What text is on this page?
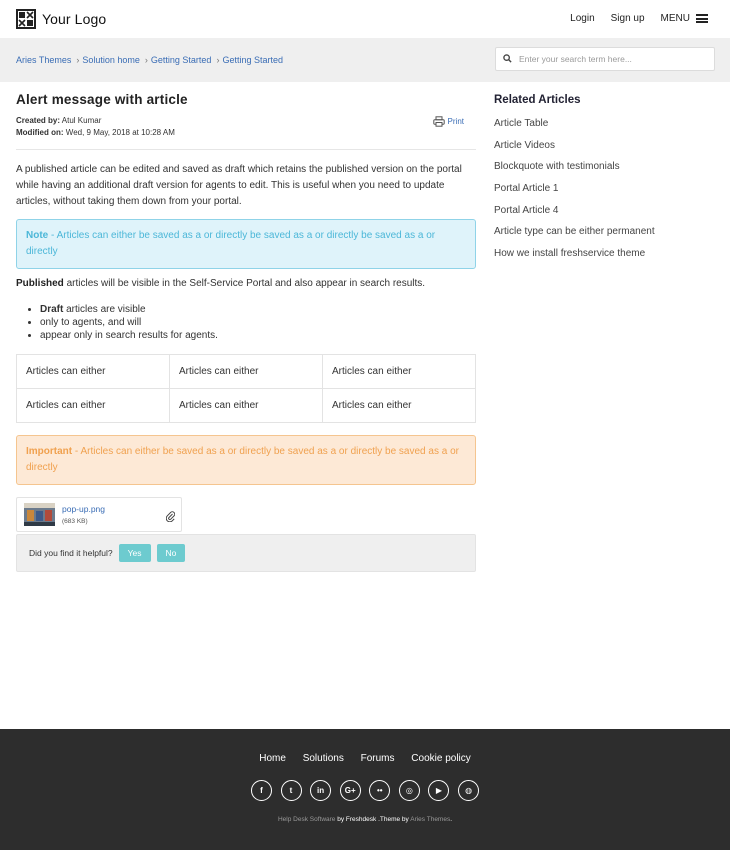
Your Logo	Login Sign up MENU
Aries Themes › Solution home › Getting Started › Getting Started
Enter your search term here...
Alert message with article
Created by: Atul Kumar
Modified on: Wed, 9 May, 2018 at 10:28 AM
Print

A published article can be edited and saved as draft which retains the published version on the portal while having an additional draft version for agents to edit. This is useful when you need to update articles, without taking them down from your portal.

Note - Articles can either be saved as a or directly be saved as a or directly be saved as a or directly

Published articles will be visible in the Self-Service Portal and also appear in search results.

• Draft articles are visible
• only to agents, and will
• appear only in search results for agents.
Articles can either	Articles can either	Articles can either
Articles can either	Articles can either	Articles can either
Important - Articles can either be saved as a or directly be saved as a or directly be saved as a or directly
pop-up.png
(683 KB)
Did you find it helpful?	Yes	No
Related Articles
Article Table
Article Videos
Blockquote with testimonials
Portal Article 1
Portal Article 4
Article type can be either permanent
How we install freshservice theme
Home Solutions Forums Cookie policy
f	t	in	G+	••	◎	▶	◍
Help Desk Software by Freshdesk .Theme by Aries Themes.
